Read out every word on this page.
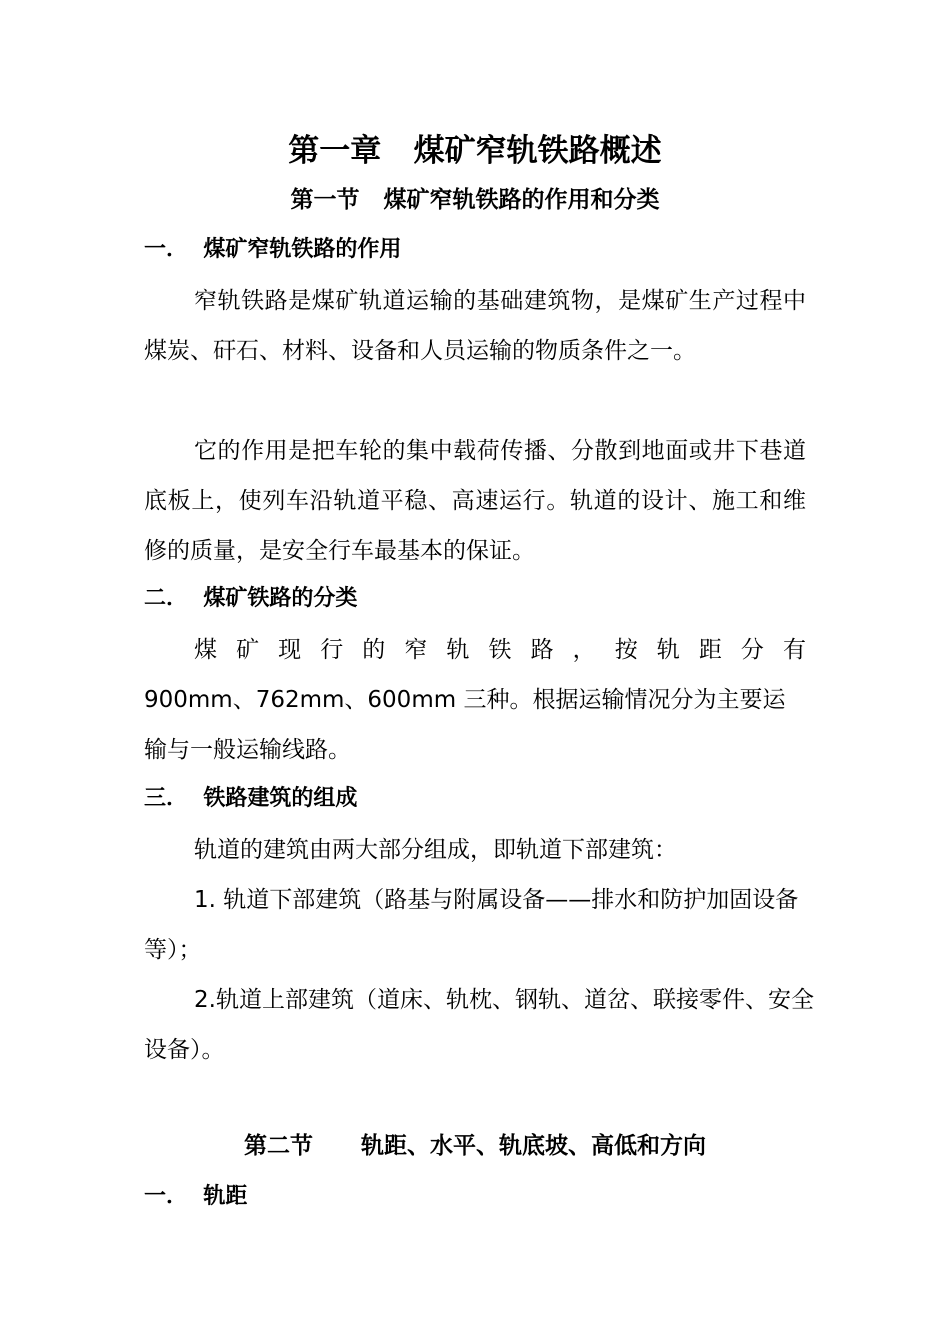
第一章   煤矿窄轨铁路概述
第一节   煤矿窄轨铁路的作用和分类
一．  煤矿窄轨铁路的作用
窄轨铁路是煤矿轨道运输的基础建筑物，是煤矿生产过程中煤炭、矸石、材料、设备和人员运输的物质条件之一。
它的作用是把车轮的集中载荷传播、分散到地面或井下巷道底板上，使列车沿轨道平稳、高速运行。轨道的设计、施工和维修的质量，是安全行车最基本的保证。
二．  煤矿铁路的分类
煤矿现行的窄轨铁路，按轨距分有
900mm、762mm、600mm 三种。根据运输情况分为主要运输与一般运输线路。
三．  铁路建筑的组成
轨道的建筑由两大部分组成，即轨道下部建筑：
1. 轨道下部建筑（路基与附属设备——排水和防护加固设备等）；
2.轨道上部建筑（道床、轨枕、钢轨、道岔、联接零件、安全设备）。
第二节      轨距、水平、轨底坡、高低和方向
一．  轨距
